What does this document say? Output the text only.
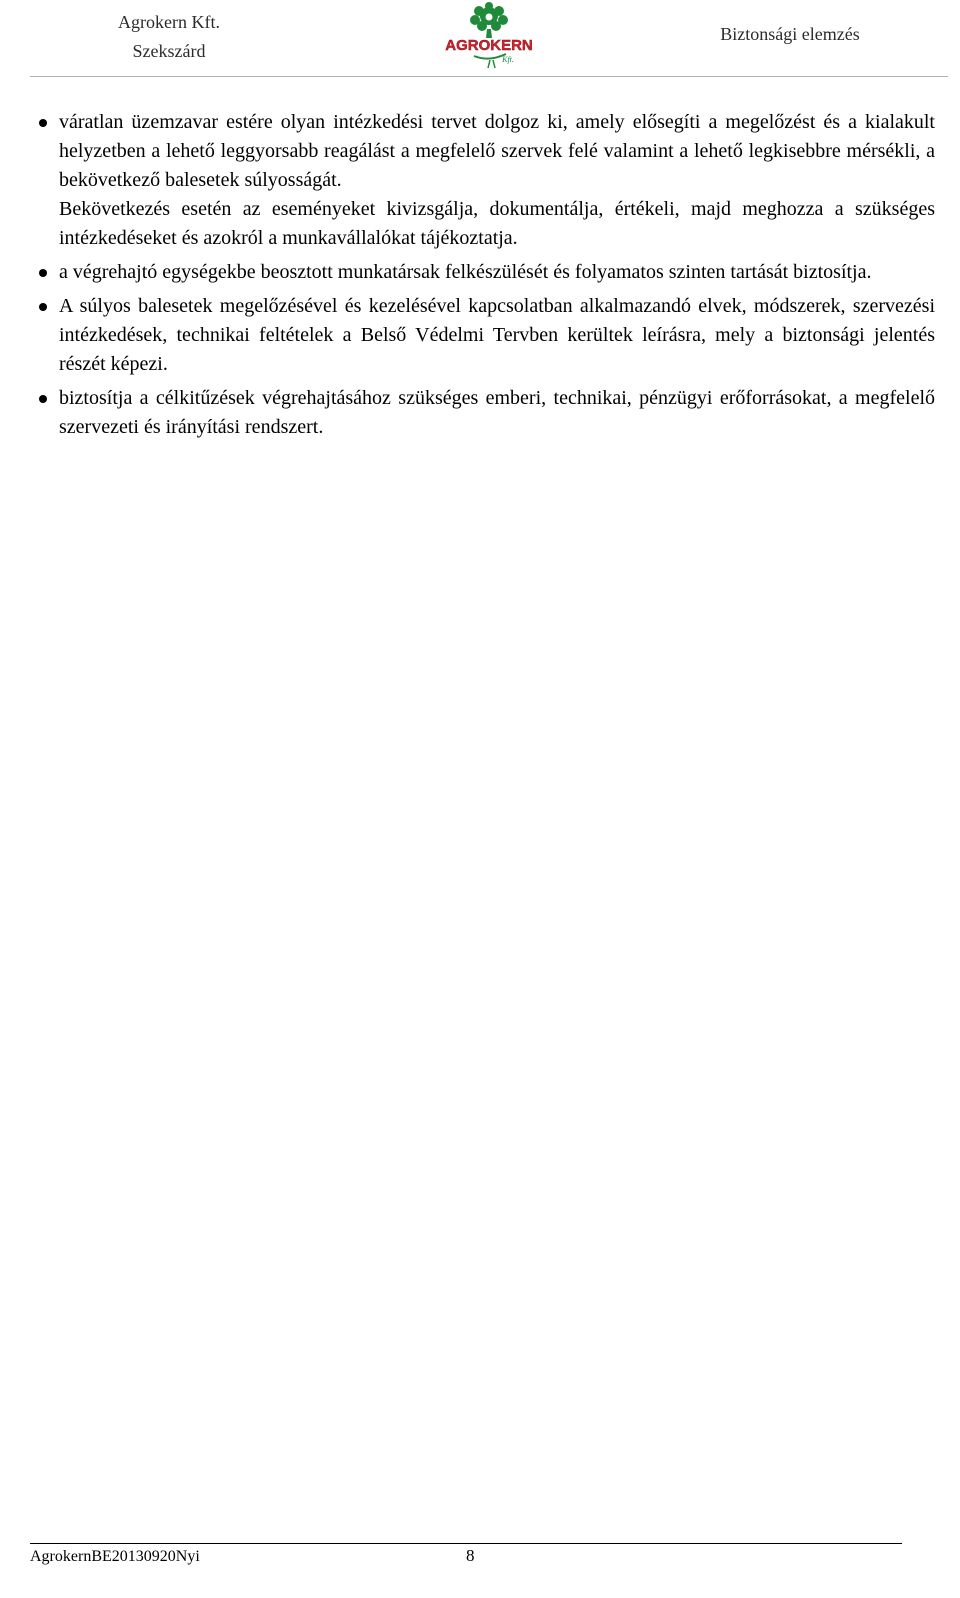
Agrokern Kft.
Szekszárd	AGROKERN
Kft.
Biztonsági elemzés
váratlan üzemzavar estére olyan intézkedési tervet dolgoz ki, amely elősegíti a megelőzést és a kialakult helyzetben a lehető leggyorsabb reagálást a megfelelő szervek felé valamint a lehető legkisebbre mérsékli, a bekövetkező balesetek súlyosságát.
Bekövetkezés esetén az eseményeket kivizsgálja, dokumentálja, értékeli, majd meghozza a szükséges intézkedéseket és azokról a munkavállalókat tájékoztatja.
a végrehajtó egységekbe beosztott munkatársak felkészülését és folyamatos szinten tartását biztosítja.
A súlyos balesetek megelőzésével és kezelésével kapcsolatban alkalmazandó elvek, módszerek, szervezési intézkedések, technikai feltételek a Belső Védelmi Tervben kerültek leírásra, mely a biztonsági jelentés részét képezi.
biztosítja a célkitűzések végrehajtásához szükséges emberi, technikai, pénzügyi erőforrásokat, a megfelelő szervezeti és irányítási rendszert.
AgrokernBE20130920Nyi	8
